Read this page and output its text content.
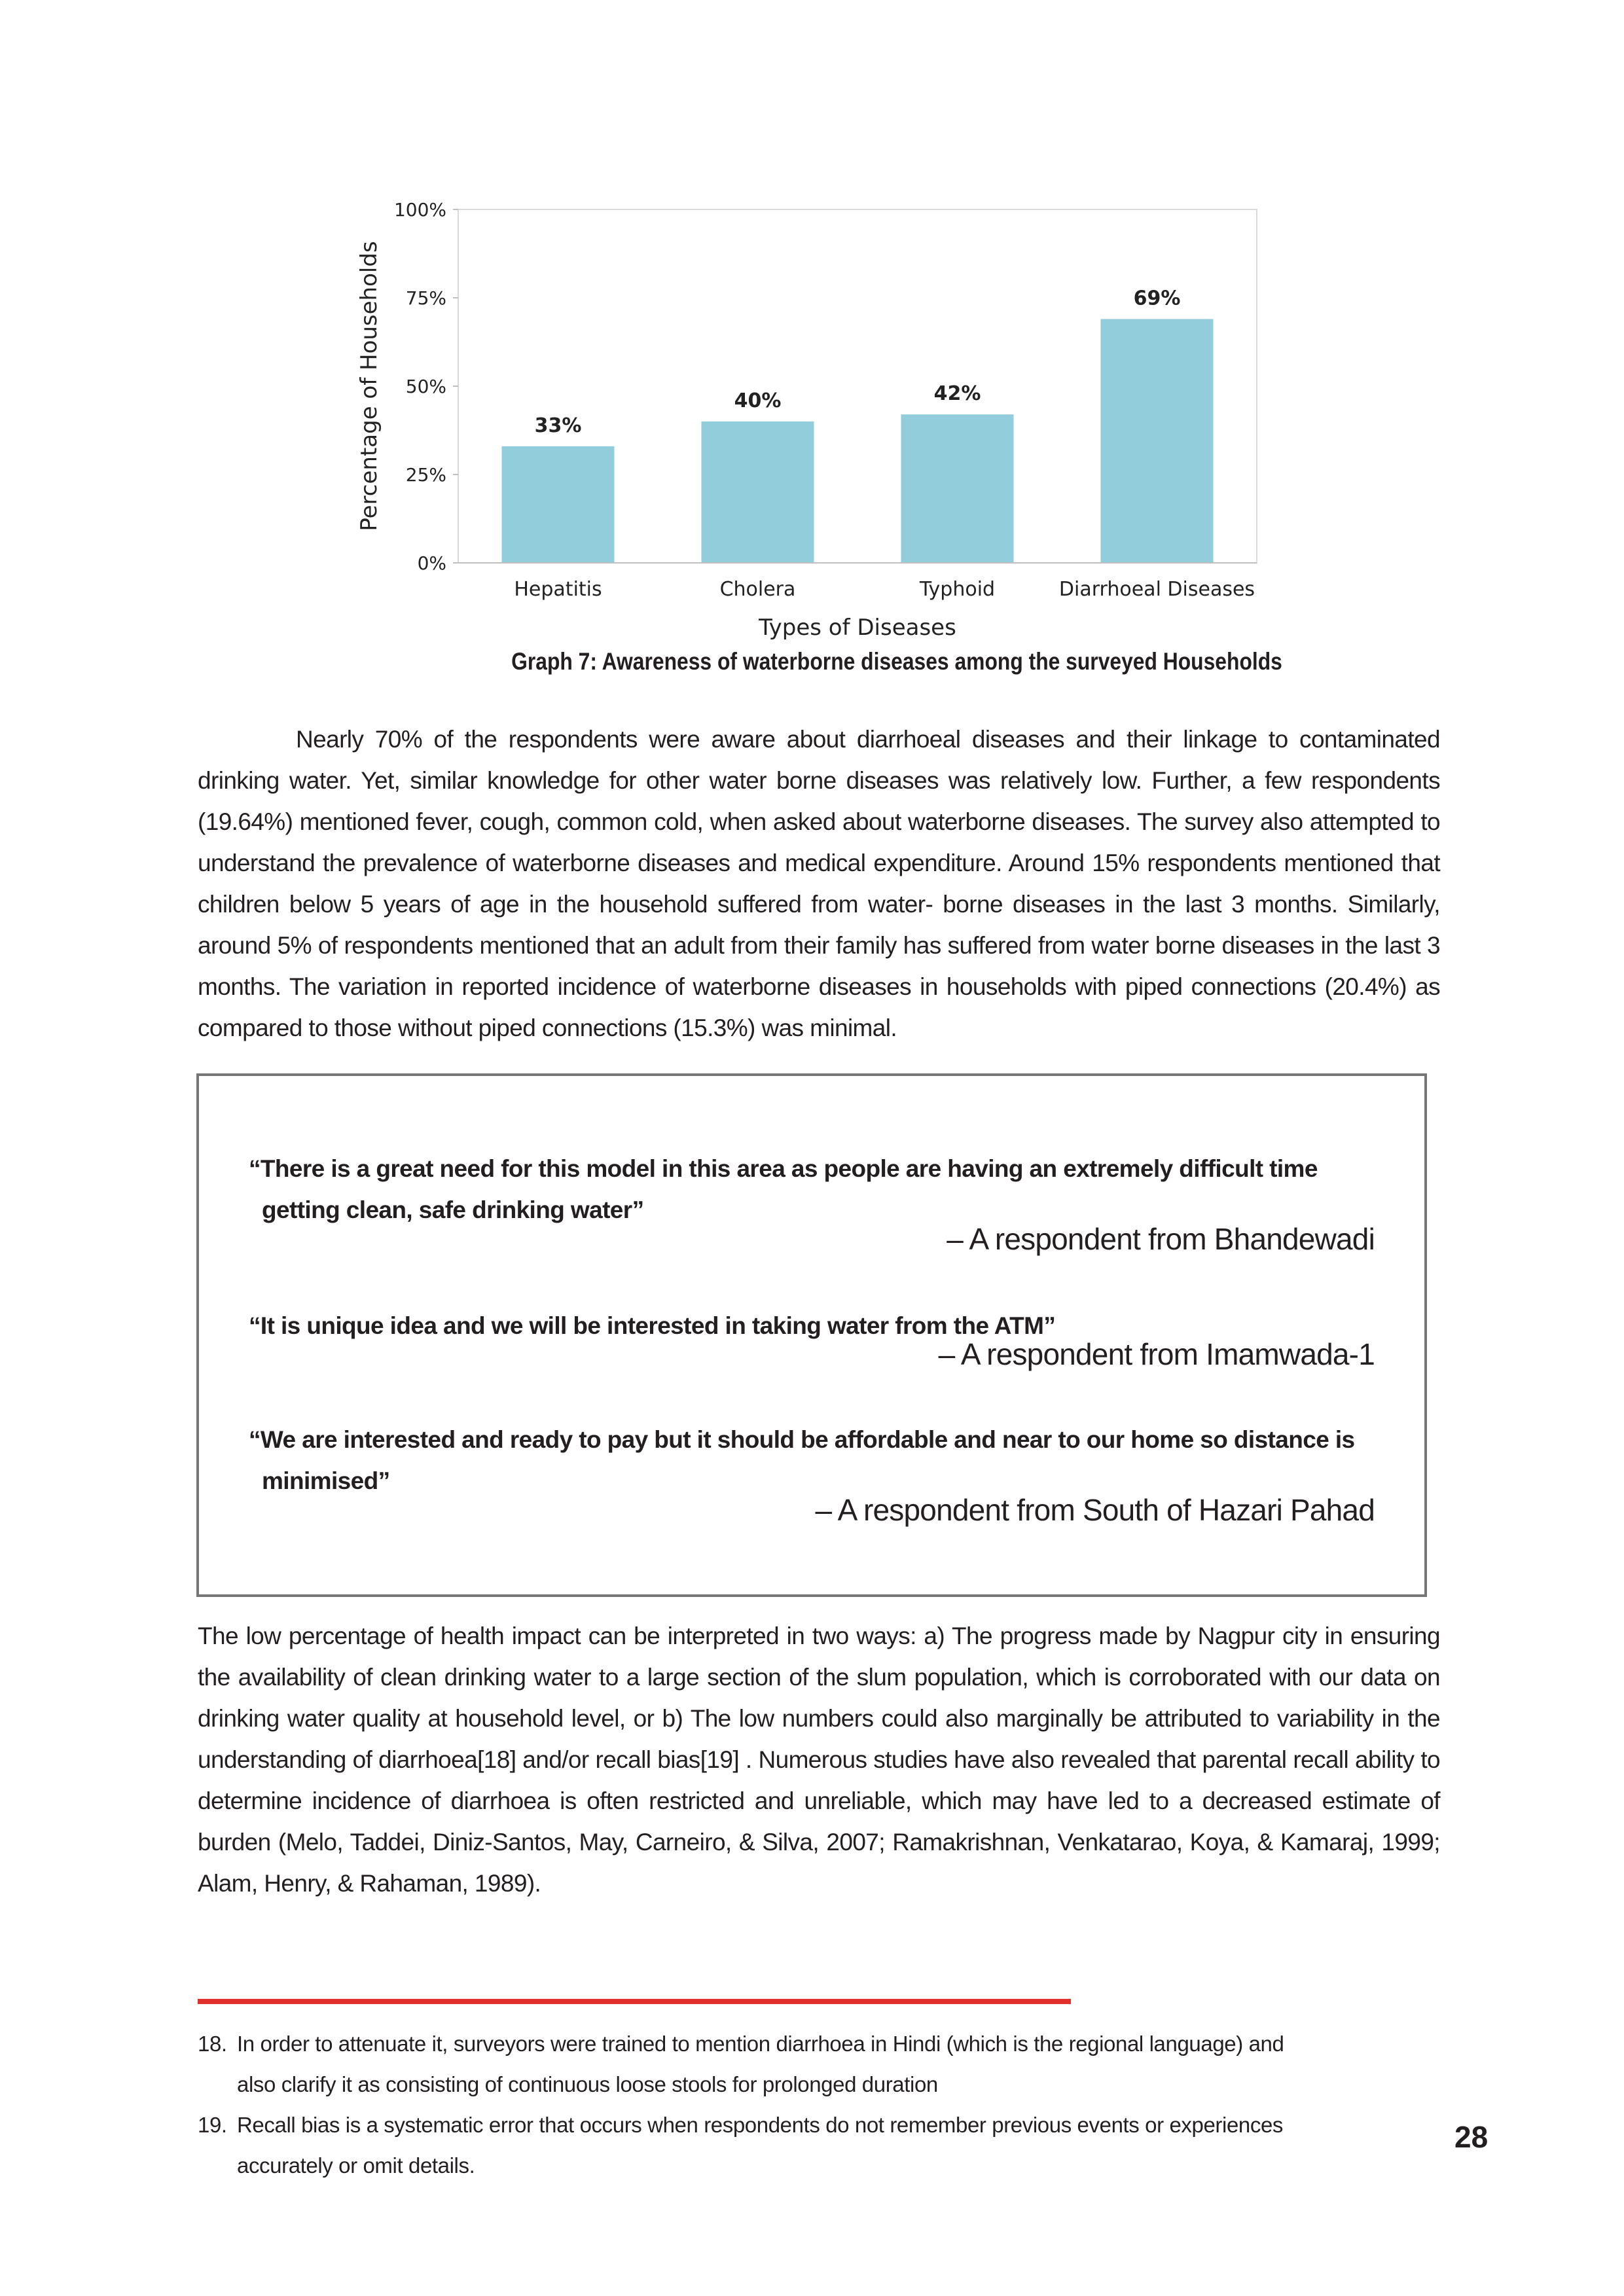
0%
25%
50%
75%
100%
33%
Hepatitis
40%
Cholera
42%
Typhoid
69%
Diarrhoeal Diseases
Types of Diseases
Percentage of Households
Graph 7: Awareness of waterborne diseases among the surveyed Households
Nearly 70% of the respondents were aware about diarrhoeal diseases and their linkage to contaminated drinking water. Yet, similar knowledge for other water borne diseases was relatively low. Further, a few respondents (19.64%) mentioned fever, cough, common cold, when asked about waterborne diseases. The survey also attempted to understand the prevalence of waterborne diseases and medical expenditure. Around 15% respondents mentioned that children below 5 years of age in the household suffered from water- borne diseases in the last 3 months. Similarly, around 5% of respondents mentioned that an adult from their family has suffered from water borne diseases in the last 3 months. The variation in reported incidence of waterborne diseases in households with piped connections (20.4%) as compared to those without piped connections (15.3%) was minimal.
“There is a great need for this model in this area as people are having an extremely difficult time
getting clean, safe drinking water”
– A respondent from Bhandewadi
“It is unique idea and we will be interested in taking water from the ATM”
– A respondent from Imamwada-1
“We are interested and ready to pay but it should be affordable and near to our home so distance is
minimised”
– A respondent from South of Hazari Pahad
The low percentage of health impact can be interpreted in two ways: a) The progress made by Nagpur city in ensuring the availability of clean drinking water to a large section of the slum population, which is corroborated with our data on drinking water quality at household level, or b) The low numbers could also marginally be attributed to variability in the understanding of diarrhoea[18] and/or recall bias[19] . Numerous studies have also revealed that parental recall ability to determine incidence of diarrhoea is often restricted and unreliable, which may have led to a decreased estimate of burden (Melo, Taddei, Diniz-Santos, May, Carneiro, & Silva, 2007; Ramakrishnan, Venkatarao, Koya, & Kamaraj, 1999; Alam, Henry, & Rahaman, 1989).
18. In order to attenuate it, surveyors were trained to mention diarrhoea in Hindi (which is the regional language) and
also clarify it as consisting of continuous loose stools for prolonged duration
19. Recall bias is a systematic error that occurs when respondents do not remember previous events or experiences
accurately or omit details.
28
